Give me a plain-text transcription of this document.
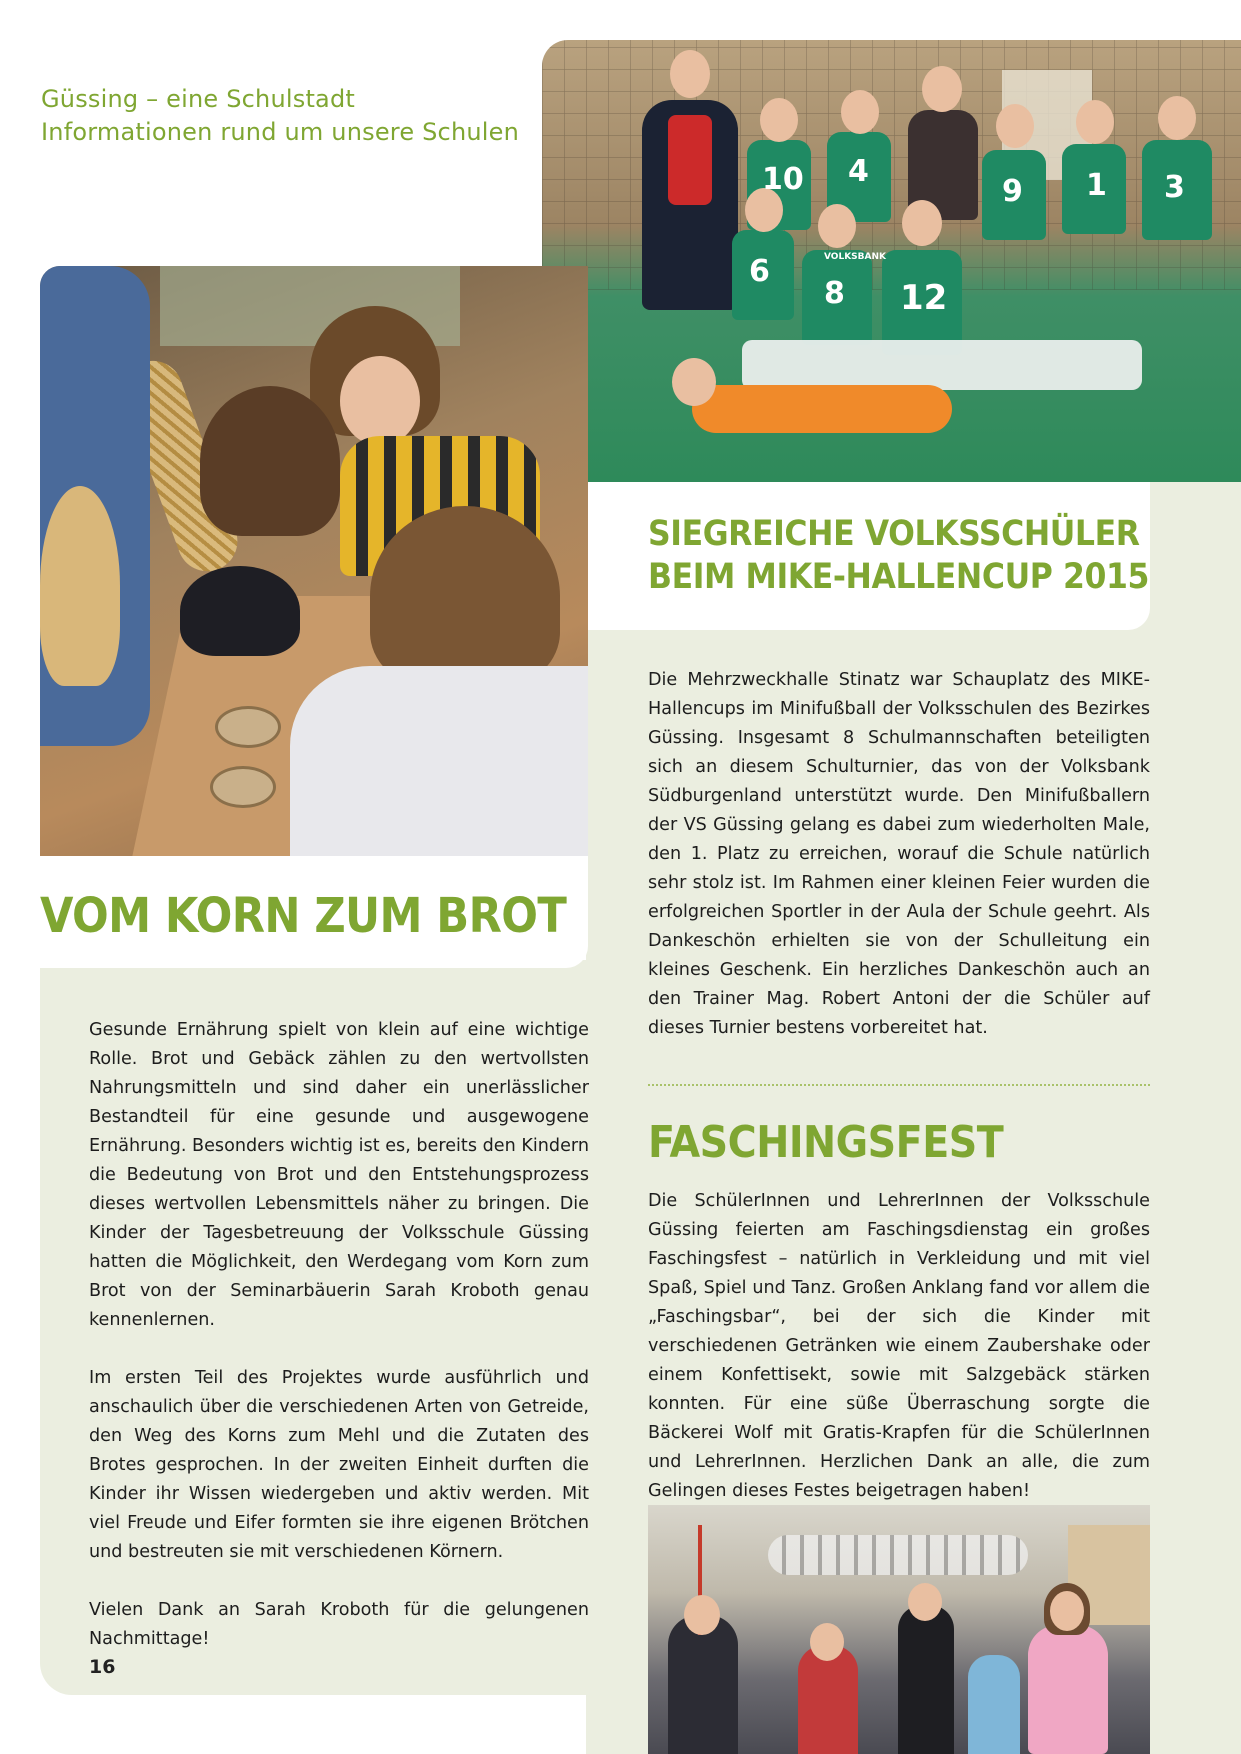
Güssing – eine Schulstadt
Informationen rund um unsere Schulen
10 4
9 1 3
6
8 12
VOLKSBANK
SIEGREICHE VOLKSSCHÜLER
BEIM MIKE-HALLENCUP 2015
Die Mehrzweckhalle Stinatz war Schauplatz des MIKE-Hallencups im Minifußball der Volksschulen des Bezirkes Güssing. Insgesamt 8 Schulmannschaften beteiligten sich an diesem Schulturnier, das von der Volksbank Südburgenland unterstützt wurde. Den Minifußballern der VS Güssing gelang es dabei zum wiederholten Male, den 1. Platz zu erreichen, worauf die Schule natürlich sehr stolz ist. Im Rahmen einer kleinen Feier wurden die erfolgreichen Sportler in der Aula der Schule geehrt. Als Dankeschön erhielten sie von der Schulleitung ein kleines Geschenk. Ein herzliches Dankeschön auch an den Trainer Mag. Robert Antoni der die Schüler auf dieses Turnier bestens vorbereitet hat.
FASCHINGSFEST
Die SchülerInnen und LehrerInnen der Volksschule Güssing feierten am Faschingsdienstag ein großes Faschingsfest – natürlich in Verkleidung und mit viel Spaß, Spiel und Tanz. Großen Anklang fand vor allem die „Faschingsbar“, bei der sich die Kinder mit verschiedenen Getränken wie einem Zaubershake oder einem Konfettisekt, sowie mit Salzgebäck stärken konnten. Für eine süße Überraschung sorgte die Bäckerei Wolf mit Gratis-Krapfen für die SchülerInnen und LehrerInnen. Herzlichen Dank an alle, die zum Gelingen dieses Festes beigetragen haben!
VOM KORN ZUM BROT

Gesunde Ernährung spielt von klein auf eine wichtige Rolle. Brot und Gebäck zählen zu den wertvollsten Nahrungsmitteln und sind daher ein unerlässlicher Bestandteil für eine gesunde und ausgewogene Ernährung. Besonders wichtig ist es, bereits den Kindern die Bedeutung von Brot und den Entstehungsprozess dieses wertvollen Lebensmittels näher zu bringen. Die Kinder der Tagesbetreuung der Volksschule Güssing hatten die Möglichkeit, den Werdegang vom Korn zum Brot von der Seminarbäuerin Sarah Kroboth genau kennenlernen.

Im ersten Teil des Projektes wurde ausführlich und anschaulich über die verschiedenen Arten von Getreide, den Weg des Korns zum Mehl und die Zutaten des Brotes gesprochen. In der zweiten Einheit durften die Kinder ihr Wissen wiedergeben und aktiv werden. Mit viel Freude und Eifer formten sie ihre eigenen Brötchen und bestreuten sie mit verschiedenen Körnern.

Vielen Dank an Sarah Kroboth für die gelungenen Nachmittage!

16
